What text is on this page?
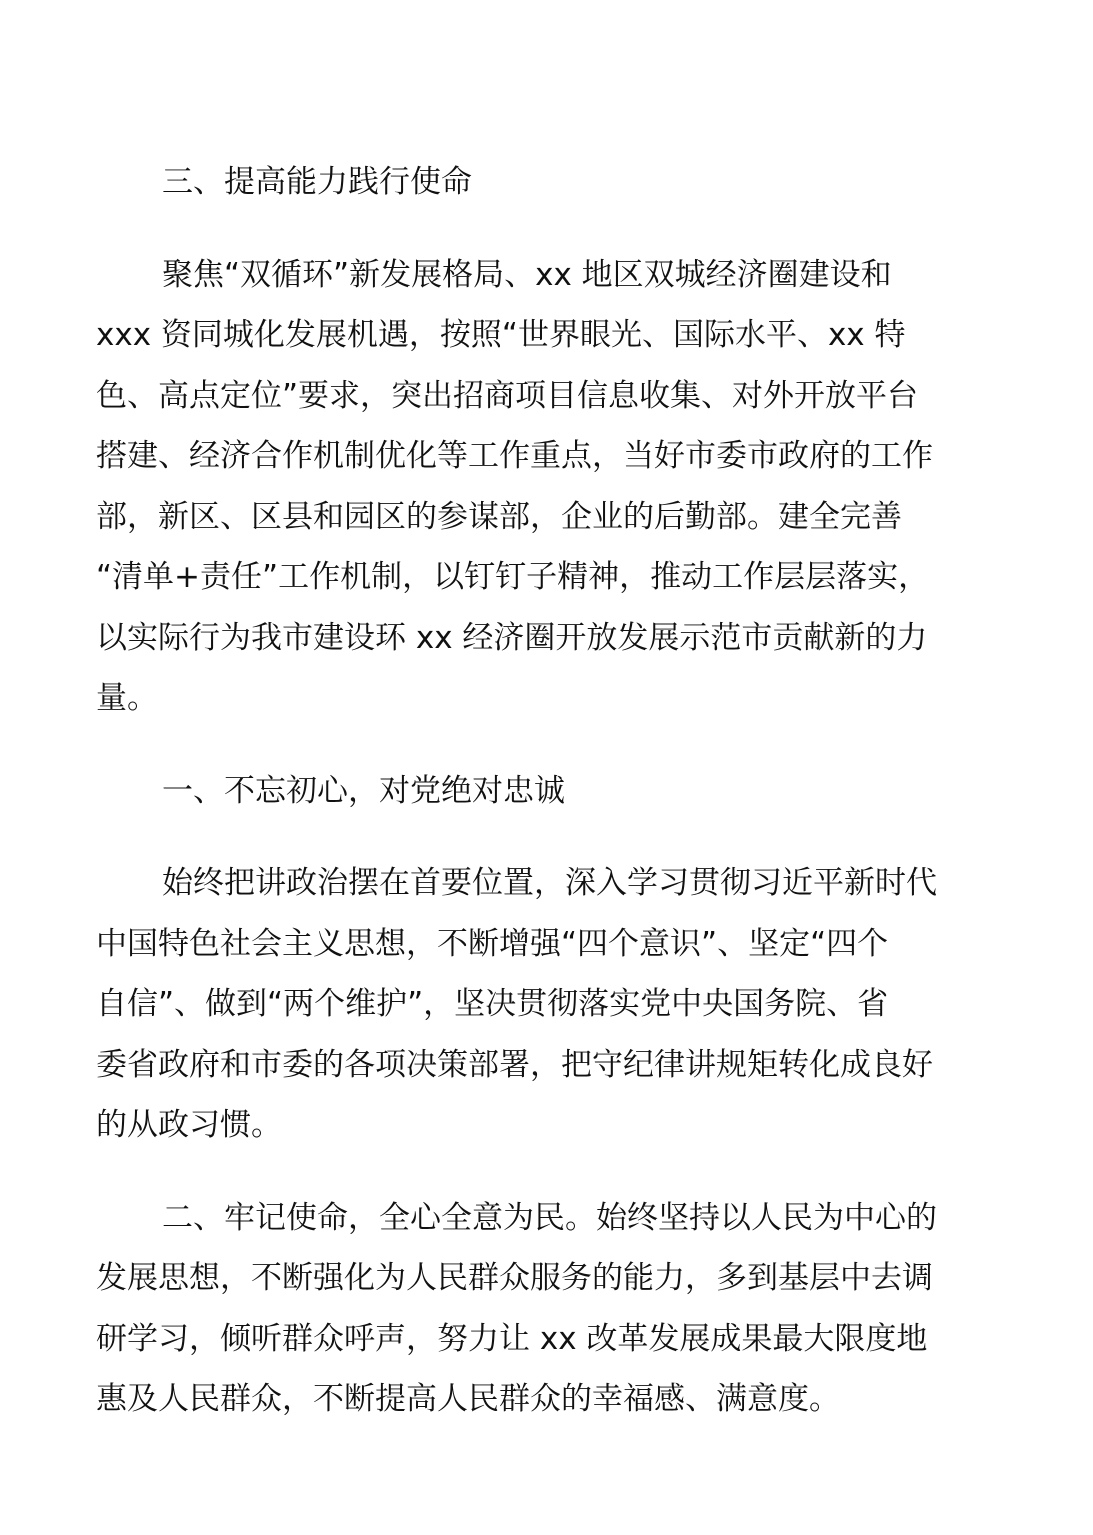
三、提高能力践行使命

聚焦“双循环”新发展格局、xx 地区双城经济圈建设和
xxx 资同城化发展机遇，按照“世界眼光、国际水平、xx 特
色、高点定位”要求，突出招商项目信息收集、对外开放平台
搭建、经济合作机制优化等工作重点，当好市委市政府的工作
部，新区、区县和园区的参谋部，企业的后勤部。建全完善
“清单+责任”工作机制，以钉钉子精神，推动工作层层落实，
以实际行为我市建设环 xx 经济圈开放发展示范市贡献新的力
量。

一、不忘初心，对党绝对忠诚

始终把讲政治摆在首要位置，深入学习贯彻习近平新时代
中国特色社会主义思想，不断增强“四个意识”、坚定“四个
自信”、做到“两个维护”，坚决贯彻落实党中央国务院、省
委省政府和市委的各项决策部署，把守纪律讲规矩转化成良好
的从政习惯。
二、牢记使命，全心全意为民。始终坚持以人民为中心的
发展思想，不断强化为人民群众服务的能力，多到基层中去调
研学习，倾听群众呼声，努力让 xx 改革发展成果最大限度地
惠及人民群众，不断提高人民群众的幸福感、满意度。
